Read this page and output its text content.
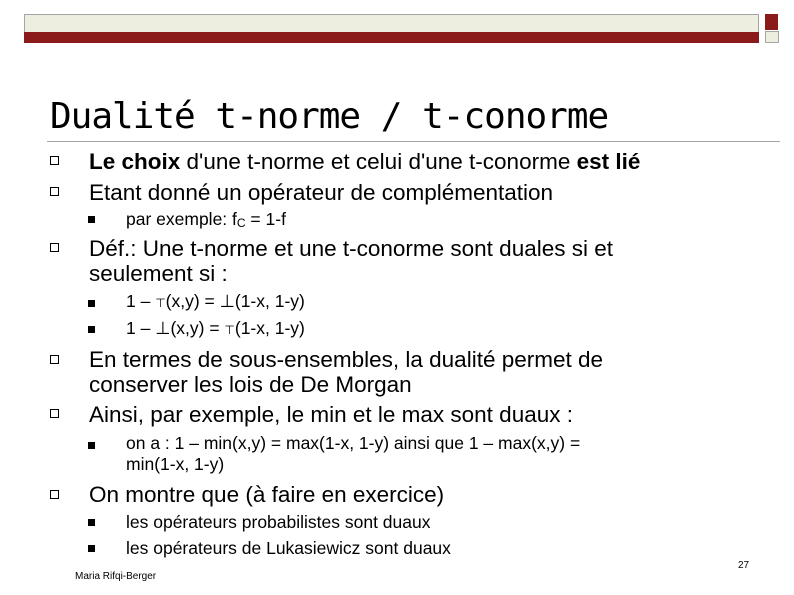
Dualité t-norme / t-conorme
Le choix d'une t-norme et celui d'une t-conorme est lié
Etant donné un opérateur de complémentation
par exemple: fC = 1-f
Déf.: Une t-norme et une t-conorme sont duales si et
seulement si :
1 – ⊤(x,y) = ⊥(1-x, 1-y)
1 – ⊥(x,y) = ⊤(1-x, 1-y)
En termes de sous-ensembles, la dualité permet de
conserver les lois de De Morgan
Ainsi, par exemple, le min et le max sont duaux :
on a : 1 – min(x,y) = max(1-x, 1-y) ainsi que 1 – max(x,y) =
min(1-x, 1-y)
On montre que (à faire en exercice)
les opérateurs probabilistes sont duaux
les opérateurs de Lukasiewicz sont duaux
Maria Rifqi-Berger
27
